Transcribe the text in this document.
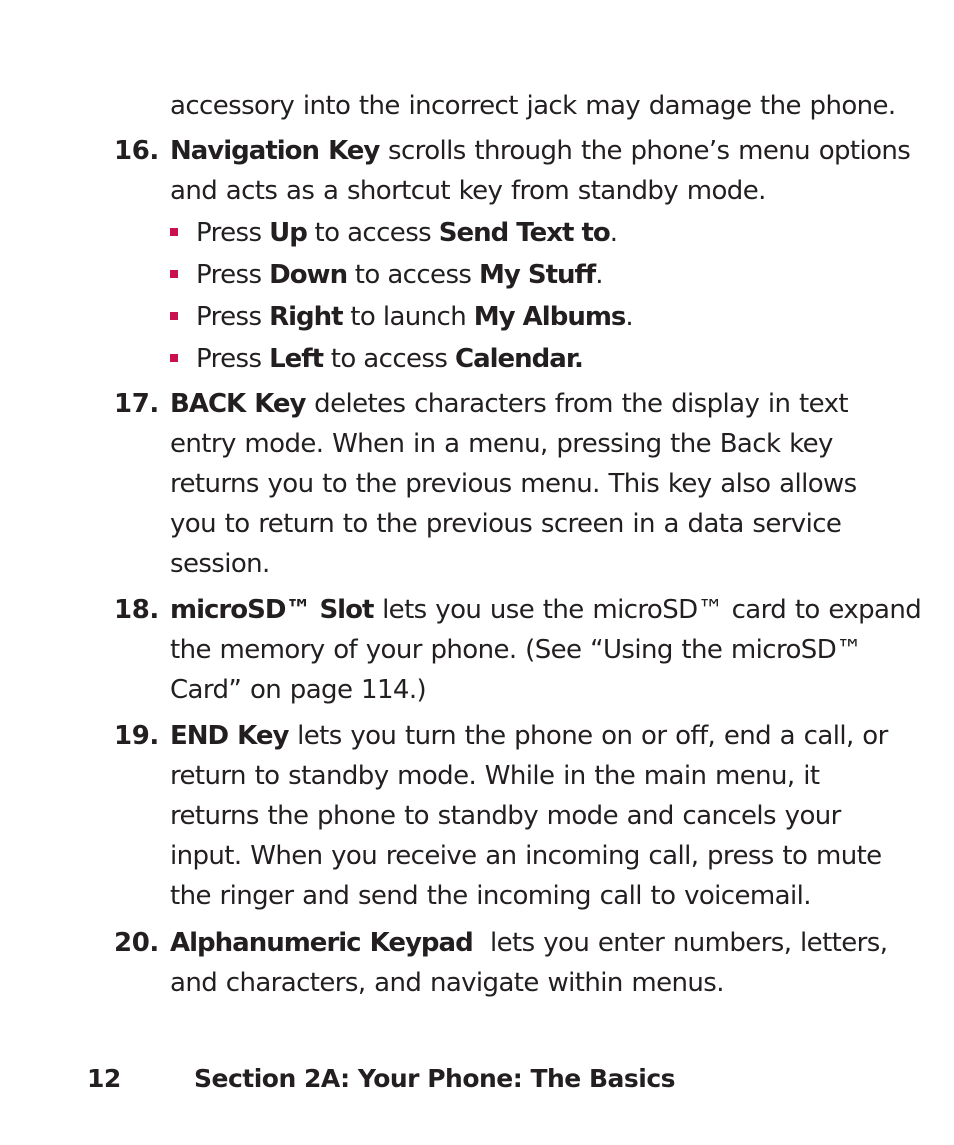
accessory into the incorrect jack may damage the phone.
16. Navigation Key scrolls through the phone’s menu options
and acts as a shortcut key from standby mode.
Press Up to access Send Text to.
Press Down to access My Stuff.
Press Right to launch My Albums.
Press Left to access Calendar.
17. BACK Key deletes characters from the display in text
entry mode. When in a menu, pressing the Back key
returns you to the previous menu. This key also allows
you to return to the previous screen in a data service
session.
18. microSD™ Slot lets you use the microSD™ card to expand
the memory of your phone. (See “Using the microSD™
Card” on page 114.)
19. END Key lets you turn the phone on or off, end a call, or
return to standby mode. While in the main menu, it
returns the phone to standby mode and cancels your
input. When you receive an incoming call, press to mute
the ringer and send the incoming call to voicemail.
20. Alphanumeric Keypad lets you enter numbers, letters,
and characters, and navigate within menus.
12	Section 2A: Your Phone: The Basics
